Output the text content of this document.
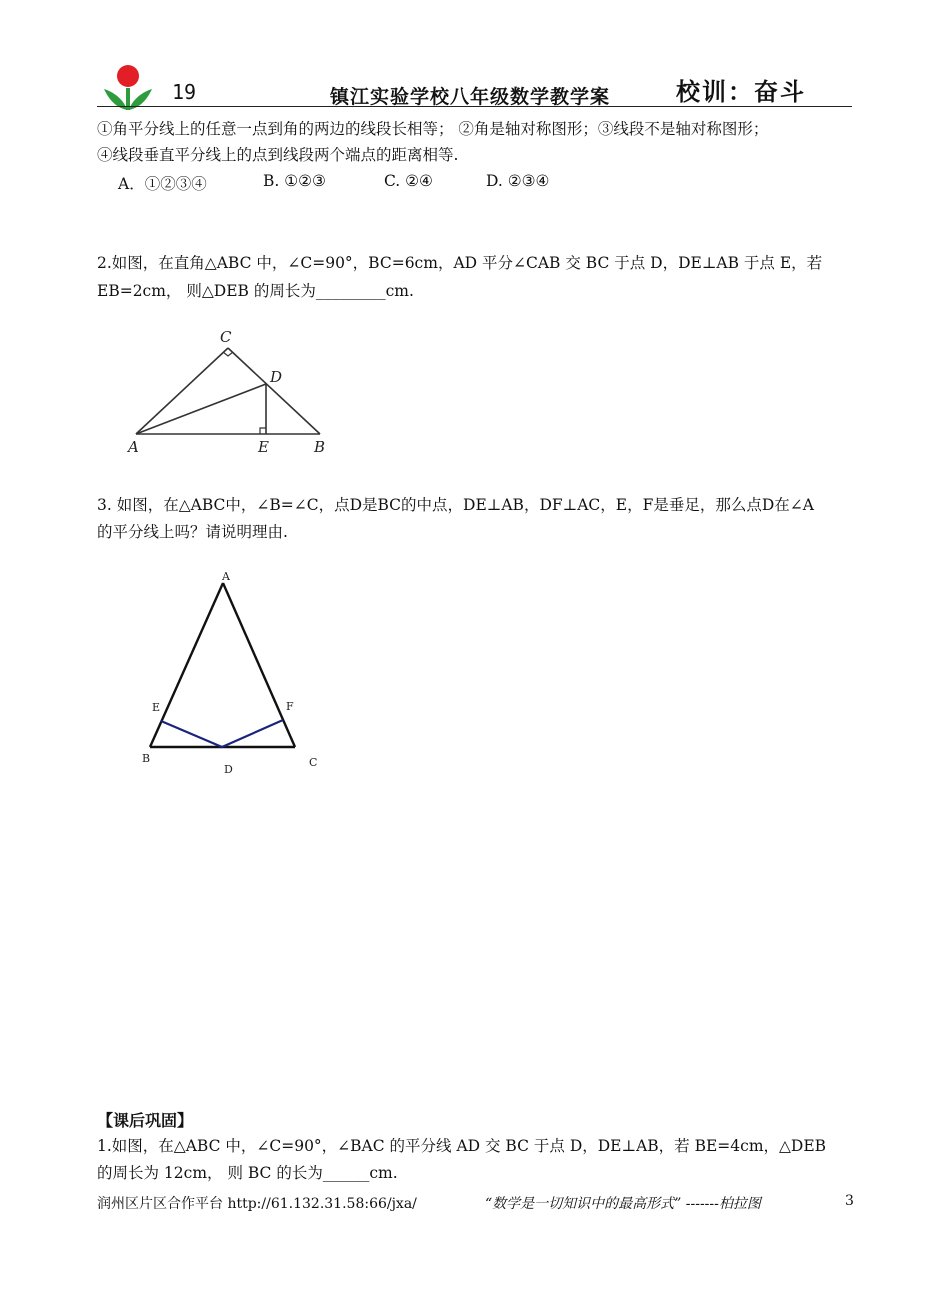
19	镇江实验学校八年级数学教学案	校训：奋斗
①角平分线上的任意一点到角的两边的线段长相等； ②角是轴对称图形；③线段不是轴对称图形；
④线段垂直平分线上的点到线段两个端点的距离相等.
A．①②③④	B. ①②③	C. ②④	D. ②③④
2.如图，在直角△ABC 中，∠C=90°，BC=6cm，AD 平分∠CAB 交 BC 于点 D，DE⊥AB 于点 E，若
EB=2cm， 则△DEB 的周长为_________cm.
C
D
A	E	B
3. 如图，在△ABC中，∠B=∠C，点D是BC的中点，DE⊥AB，DF⊥AC，E，F是垂足，那么点D在∠A
的平分线上吗？请说明理由.
A
E	F
B
D
C
【课后巩固】
1.如图，在△ABC 中，∠C=90°，∠BAC 的平分线 AD 交 BC 于点 D，DE⊥AB，若 BE=4cm，△DEB
的周长为 12cm， 则 BC 的长为______cm.
润州区片区合作平台 http://61.132.31.58:66/jxa/	“数学是一切知识中的最高形式” -------柏拉图	3
